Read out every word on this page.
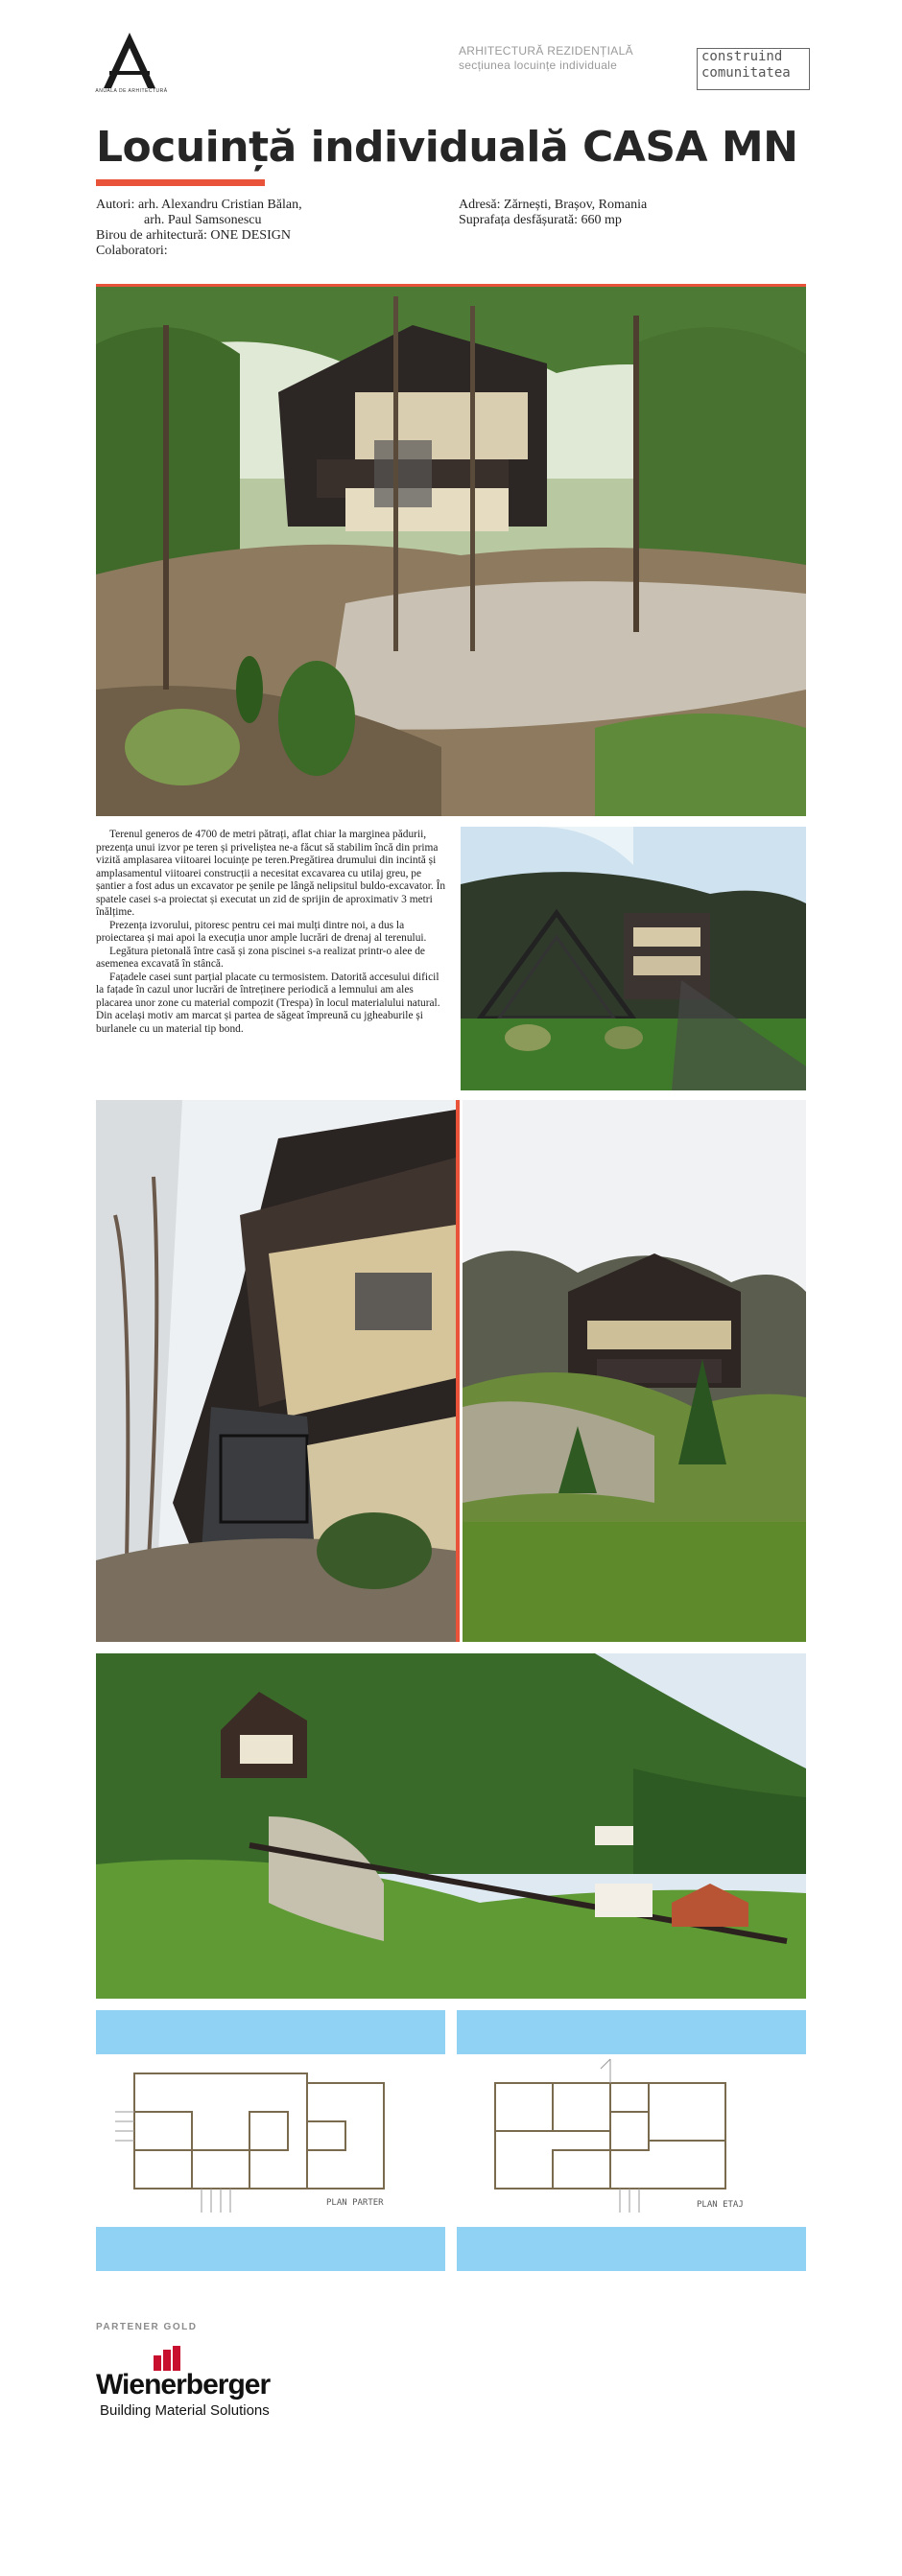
ANUALA DE ARHITECTURĂ
ARHITECTURĂ REZIDENȚIALĂ
secțiunea locuințe individuale
construind
comunitatea
Locuință individuală CASA MN
Autori: arh. Alexandru Cristian Bălan,
arh. Paul Samsonescu
Birou de arhitectură: ONE DESIGN
Colaboratori:
Adresă: Zărnești, Brașov, Romania
Suprafața desfășurată: 660 mp

Terenul generos de 4700 de metri pătrați, aflat chiar la marginea pădurii, prezența unui izvor pe teren și priveliștea ne-a făcut să stabilim încă din prima vizită amplasarea viitoarei locuințe pe teren.Pregătirea drumului din incintă și amplasamentul viitoarei construcții a necesitat excavarea cu utilaj greu, pe șantier a fost adus un excavator pe șenile pe lângă nelipsitul buldo-excavator. În spatele casei s-a proiectat și executat un zid de sprijin de aproximativ 3 metri înălțime.

Prezența izvorului, pitoresc pentru cei mai mulți dintre noi, a dus la proiectarea și mai apoi la execuția unor ample lucrări de drenaj al terenului.

Legătura pietonală între casă și zona piscinei s-a realizat printr-o alee de asemenea excavată în stâncă.

Fațadele casei sunt parțial placate cu termosistem. Datorită accesului dificil la fațade în cazul unor lucrări de întreținere periodică a lemnului am ales placarea unor zone cu material compozit (Trespa) în locul materialului natural. Din același motiv am marcat și partea de săgeat împreună cu jgheaburile și burlanele cu un material tip bond.

PLAN PARTER	PLAN ETAJ
PARTENER GOLD
Wienerberger
Building Material Solutions
